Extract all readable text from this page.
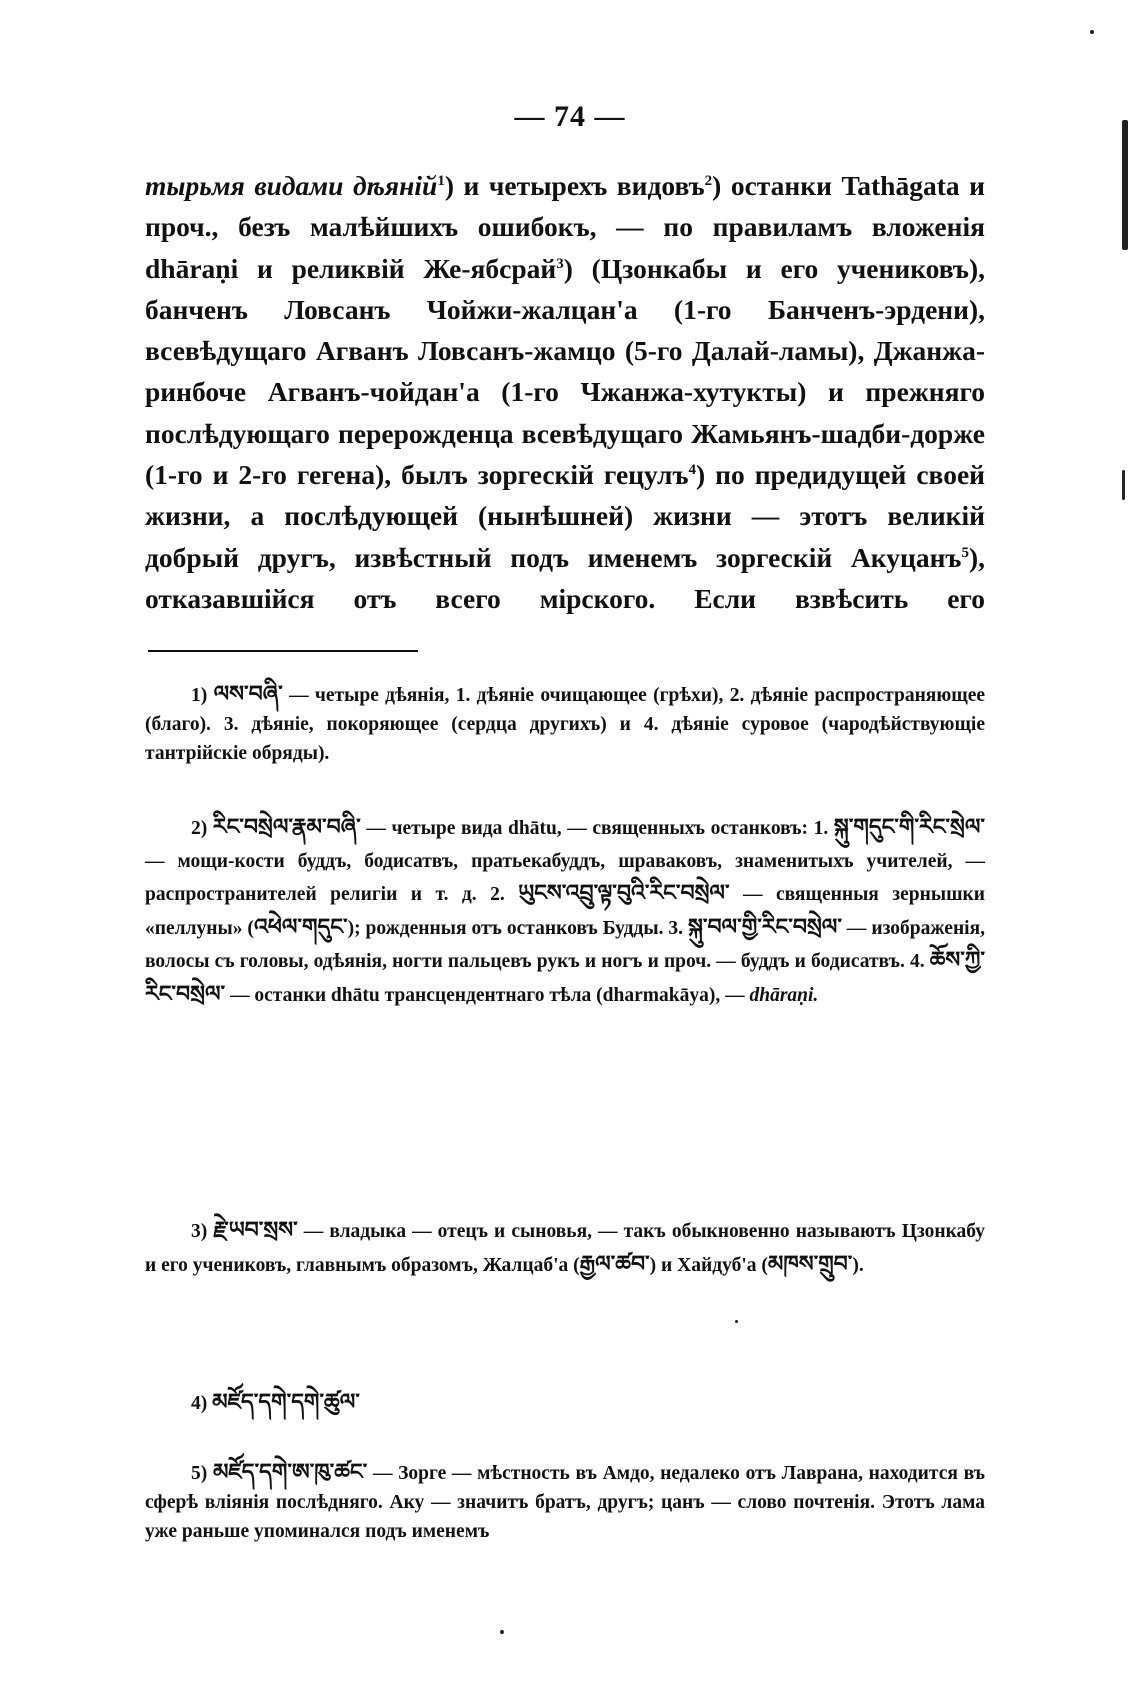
— 74 —
тырьмя видами дѣяній$^1$) и четырехъ видовъ$^2$) останки Tathāgata и проч., безъ малѣйшихъ ошибокъ, — по правиламъ вложенія dhāraṇi и реликвій Же-ябсрай$^3$) (Цзонкабы и его учениковъ), банченъ Ловсанъ Чойжи-жалцан'а (1-го Банченъ-эрдени), всевѣдущаго Агванъ Ловсанъ-жамцо (5-го Далай-ламы), Джанжа-ринбоче Агванъ-чойдан'а (1-го Чжанжа-хутукты) и прежняго послѣдующаго перерожденца всевѣдущаго Жамьянъ-шадби-дорже (1-го и 2-го гегена), былъ зоргескій гецулъ$^4$) по предидущей своей жизни, а послѣдующей (нынѣшней) жизни — этотъ великій добрый другъ, извѣстный подъ именемъ зоргескій Акуцанъ$^5$), отказавшійся отъ всего мірского. Если взвѣсить его
1) ལས་བཞི་ — четыре дѣянія, 1. дѣяніе очищающее (грѣхи), 2. дѣяніе распространяющее (благо). 3. дѣяніе, покоряющее (сердца другихъ) и 4. дѣяніе суровое (чародѣйствующіе тантрійскіе обряды).
2) རིང་བསྲེལ་རྣམ་བཞི་ — четыре вида dhātu, — священныхъ останковъ: 1. སྐུ་གདུང་གི་རིང་སྲེལ་ — мощи-кости буддъ, бодисатвъ, пратьекабуддъ, шраваковъ, знаменитыхъ учителей, — распространителей религіи и т. д. 2. ཡུངས་འབྲུ་ལྟ་བུའི་རིང་བསྲེལ་ — священныя зернышки «пеллуны» (འཕེལ་གདུང་); рожденныя отъ останковъ Будды. 3. སྐུ་བལ་གྱི་རིང་བསྲེལ་ — изображенія, волосы съ головы, одѣянія, ногти пальцевъ рукъ и ногъ и проч. — буддъ и бодисатвъ. 4. ཆོས་ཀྱི་རིང་བསྲེལ་ — останки dhātu трансцендентнаго тѣла (dharmakāya), — dhāraṇi.
3) རྗེ་ཡབ་སྲས་ — владыка — отецъ и сыновья, — такъ обыкновенно называютъ Цзонкабу и его учениковъ, главнымъ образомъ, Жалцаб'а (རྒྱལ་ཚབ་) и Хайдуб'а (མཁས་གྲུབ་).
4) མཛོད་དགེ་དགེ་ཚུལ་
5) མཛོད་དགེ་ཨ་ཁུ་ཚང་ — Зорге — мѣстность въ Амдо, недалеко отъ Лаврана, находится въ сферѣ вліянія послѣдняго. Аку — значитъ братъ, другъ; цанъ — слово почтенія. Этотъ лама уже раньше упоминался подъ именемъ
